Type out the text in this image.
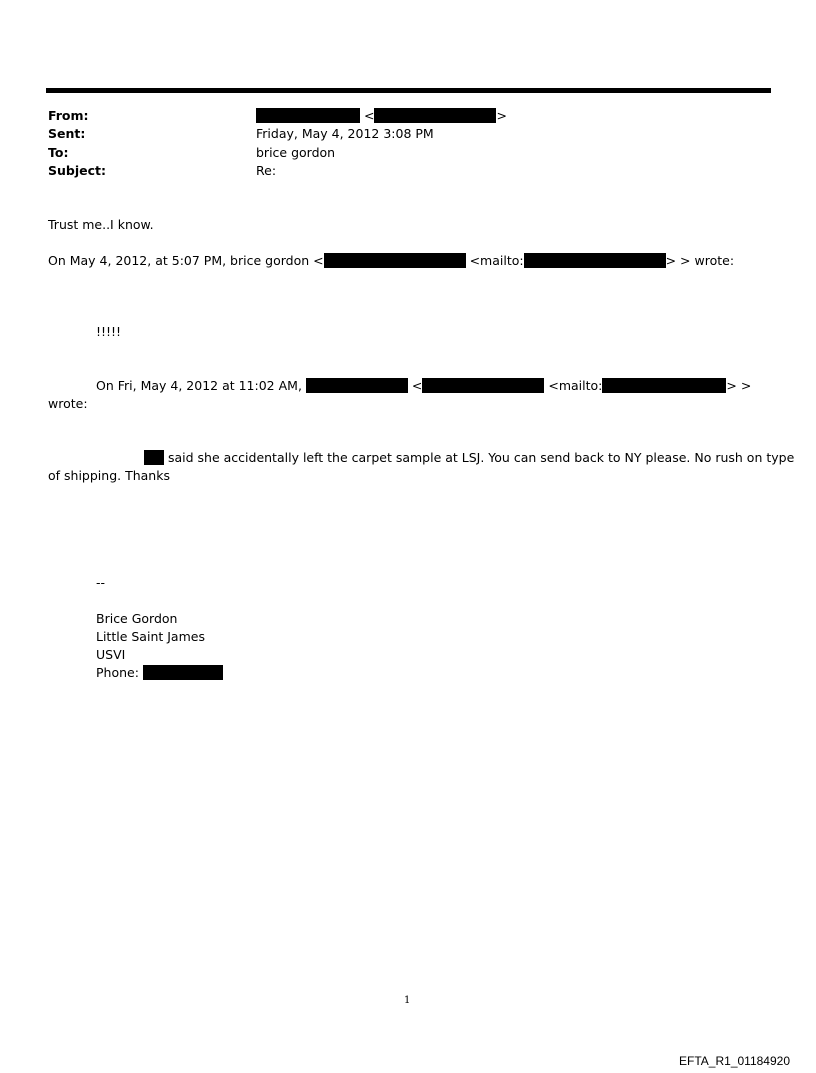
From:	<	>
Sent:	Friday, May 4, 2012 3:08 PM
To:	brice gordon
Subject:	Re:
Trust me..I know.
On May 4, 2012, at 5:07 PM, brice gordon <	<mailto:	> > wrote:
!!!!!
On Fri, May 4, 2012 at 11:02 AM,	<	<mailto:	> >
wrote:
said she accidentally left the carpet sample at LSJ. You can send back to NY please. No rush on type
of shipping. Thanks
--
Brice Gordon
Little Saint James
USVI
Phone:
1
EFTA_R1_01184920
